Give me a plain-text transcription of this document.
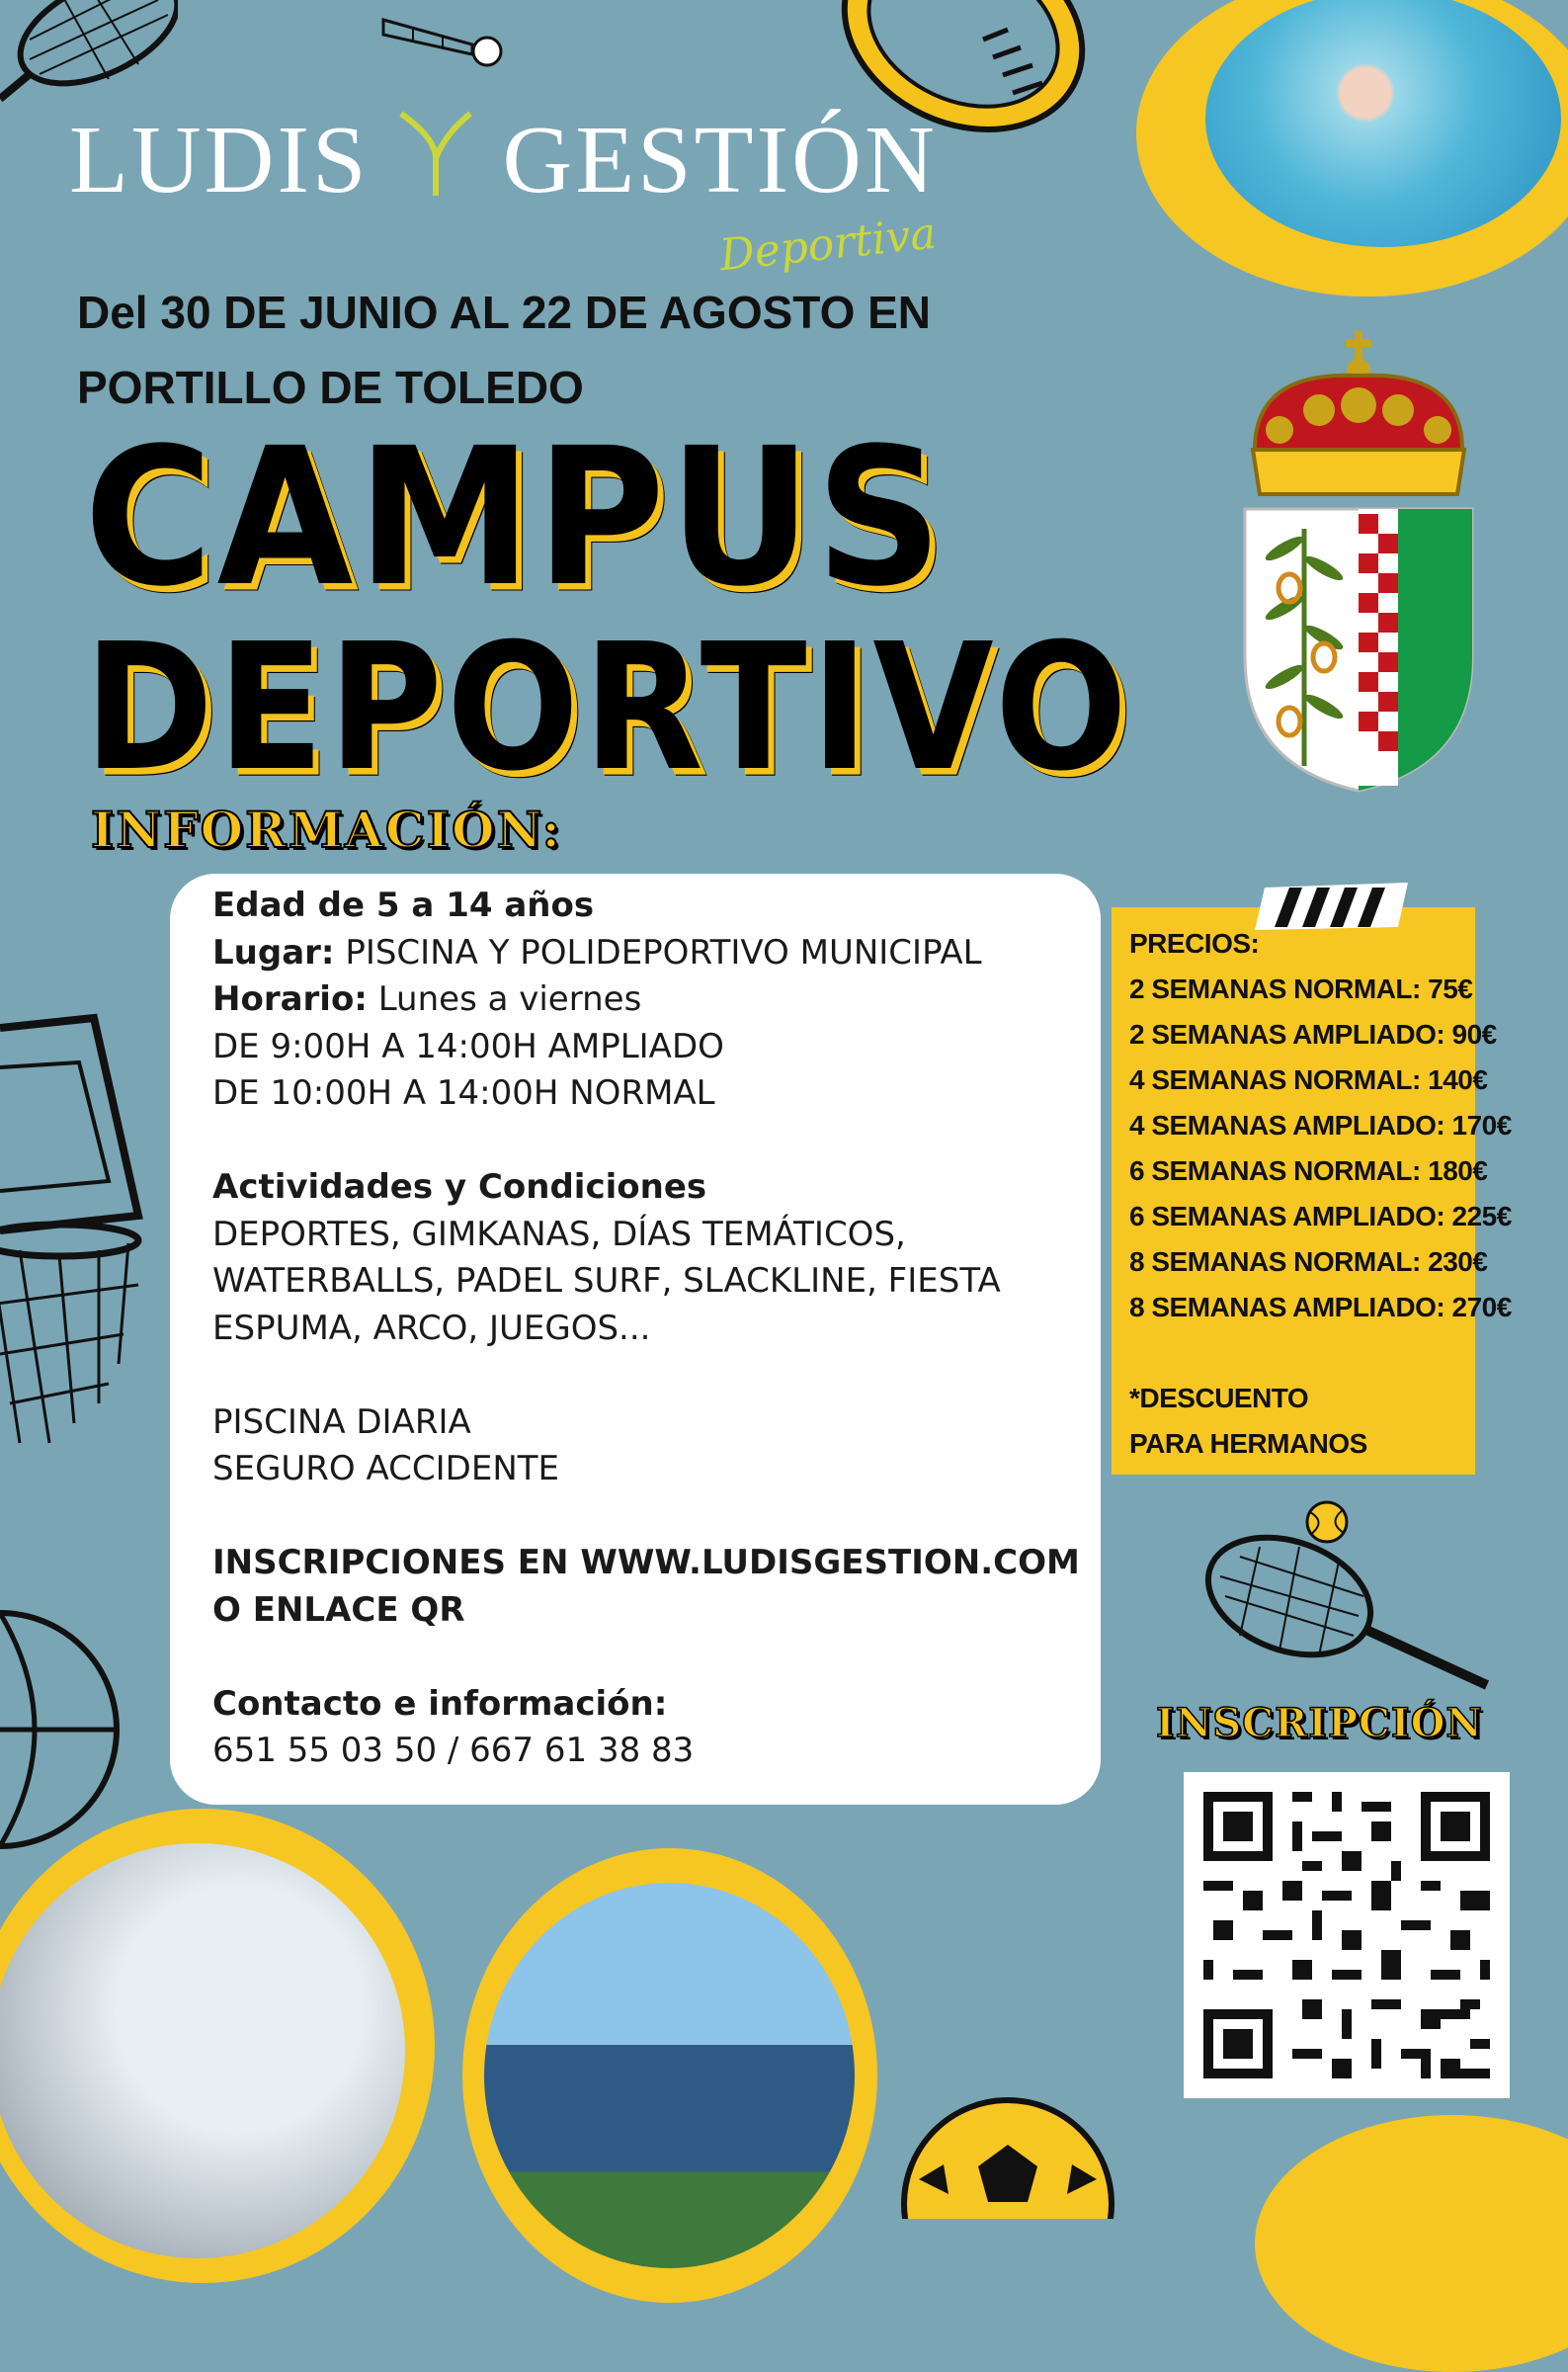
LUDIS GESTIÓN
Deportiva
Del 30 DE JUNIO AL 22 DE AGOSTO EN
PORTILLO DE TOLEDO
CAMPUS
DEPORTIVO
INFORMACIÓN:
Edad de 5 a 14 años
Lugar: PISCINA Y POLIDEPORTIVO MUNICIPAL
Horario: Lunes a viernes
DE 9:00H A 14:00H AMPLIADO
DE 10:00H A 14:00H NORMAL
Actividades y Condiciones
DEPORTES, GIMKANAS, DÍAS TEMÁTICOS,
WATERBALLS, PADEL SURF, SLACKLINE, FIESTA
ESPUMA, ARCO, JUEGOS...
PISCINA DIARIA
SEGURO ACCIDENTE
INSCRIPCIONES EN WWW.LUDISGESTION.COM
O ENLACE QR
Contacto e información:
651 55 03 50 / 667 61 38 83
PRECIOS:
2 SEMANAS NORMAL: 75€
2 SEMANAS AMPLIADO: 90€
4 SEMANAS NORMAL: 140€
4 SEMANAS AMPLIADO: 170€
6 SEMANAS NORMAL: 180€
6 SEMANAS AMPLIADO: 225€
8 SEMANAS NORMAL: 230€
8 SEMANAS AMPLIADO: 270€
*DESCUENTO
PARA HERMANOS
INSCRIPCIÓN
